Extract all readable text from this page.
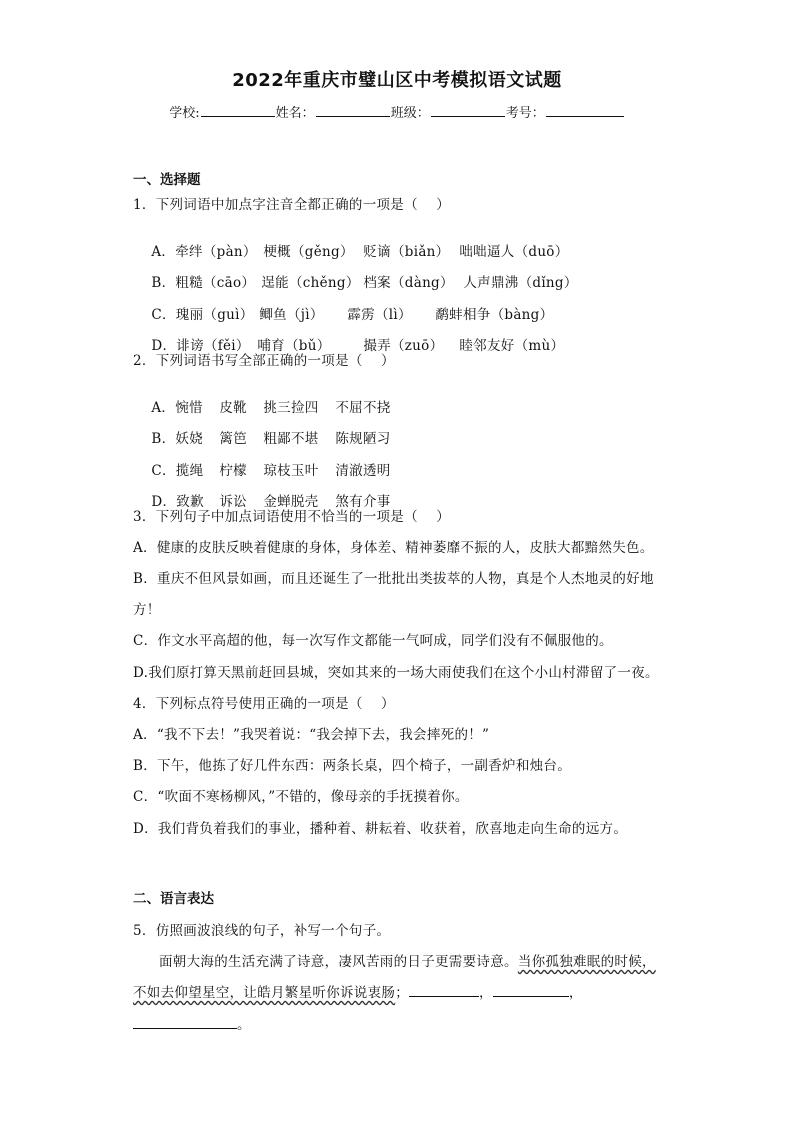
2022年重庆市璧山区中考模拟语文试题
学校:	姓名：	班级：	考号：
一、选择题
1．下列词语中加点字注音全都正确的一项是（    ）

A．牵绊（pàn） 梗概（gěng） 贬谪（biǎn） 咄咄逼人（duō）

B．粗糙（cāo） 逞能（chěng） 档案（dàng） 人声鼎沸（dǐng）

C．瑰丽（guì） 鲫鱼（jì） 霹雳（lì） 鹬蚌相争（bàng）

D．诽谤（fěi） 哺育（bǔ） 撮弄（zuō） 睦邻友好（mù）

2．下列词语书写全部正确的一项是（    ）

A．惋惜 皮靴 挑三捡四 不屈不挠

B．妖娆 篱笆 粗鄙不堪 陈规陋习

C．揽绳 柠檬 琼枝玉叶 清澈透明

D．致歉 诉讼 金蝉脱壳 煞有介事

3．下列句子中加点词语使用不恰当的一项是（    ）
A．健康的皮肤反映着健康的身体，身体差、精神萎靡不振的人，皮肤大都黯然失色。
B．重庆不但风景如画，而且还诞生了一批批出类拔萃的人物，真是个人杰地灵的好地
方！
C．作文水平高超的他，每一次写作文都能一气呵成，同学们没有不佩服他的。
D.我们原打算天黑前赶回县城，突如其来的一场大雨使我们在这个小山村滞留了一夜。
4．下列标点符号使用正确的一项是（    ）
A．“我不下去！”我哭着说：“我会掉下去，我会摔死的！”
B．下午，他拣了好几件东西：两条长桌，四个椅子，一副香炉和烛台。
C．“吹面不寒杨柳风，”不错的，像母亲的手抚摸着你。
D．我们背负着我们的事业，播种着、耕耘着、收获着，欣喜地走向生命的远方。
二、语言表达
5．仿照画波浪线的句子，补写一个句子。
面朝大海的生活充满了诗意，凄风苦雨的日子更需要诗意。当你孤独难眠的时候，
不如去仰望星空，让皓月繁星听你诉说衷肠；	，	，
。
